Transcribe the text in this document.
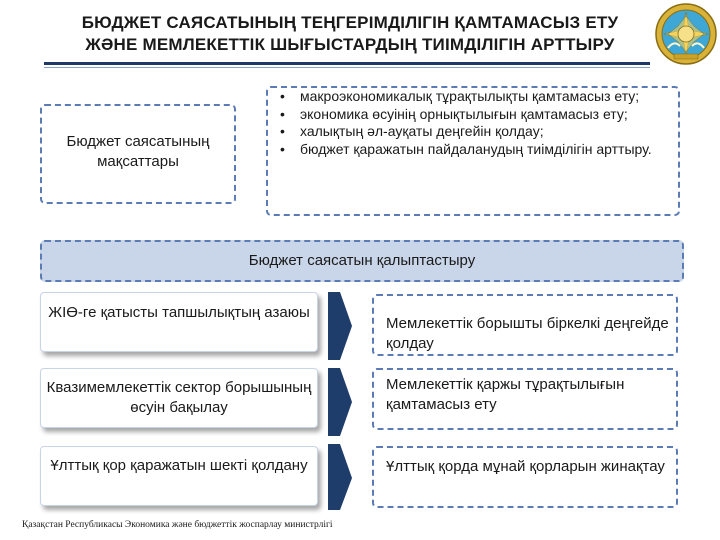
БЮДЖЕТ САЯСАТЫНЫҢ ТЕҢГЕРІМДІЛІГІН ҚАМТАМАСЫЗ ЕТУ
ЖӘНЕ МЕМЛЕКЕТТІК ШЫҒЫСТАРДЫҢ ТИІМДІЛІГІН АРТТЫРУ
Бюджет саясатының
мақсаттары
• макроэкономикалық тұрақтылықты қамтамасыз ету;
• экономика өсуінің орнықтылығын қамтамасыз ету;
• халықтың әл-ауқаты деңгейін қолдау;
• бюджет қаражатын пайдаланудың тиімділігін арттыру.
Бюджет саясатын қалыптастыру
ЖІӨ-ге қатысты тапшылықтың азаюы
Квазимемлекеттік сектор борышының өсуін бақылау
Ұлттық қор қаражатын шекті қолдану
Мемлекеттік борышты біркелкі деңгейде қолдау
Мемлекеттік қаржы тұрақтылығын қамтамасыз ету
Ұлттық қорда мұнай қорларын жинақтау
Қазақстан Республикасы Экономика және бюджеттік жоспарлау министрлігі
